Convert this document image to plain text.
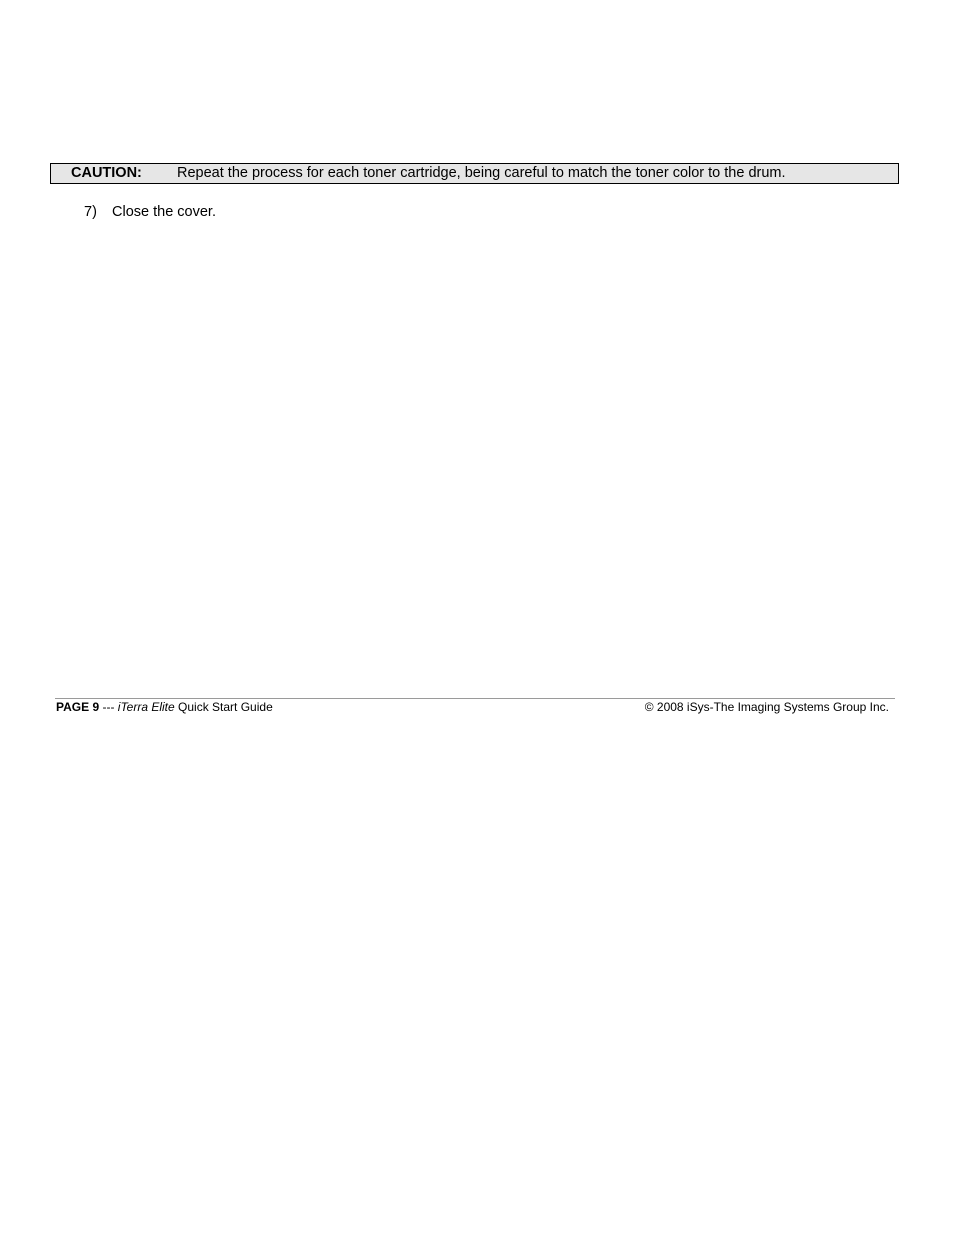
CAUTION: Repeat the process for each toner cartridge, being careful to match the toner color to the drum.
7) Close the cover.
PAGE 9 --- iTerra Elite Quick Start Guide	© 2008 iSys-The Imaging Systems Group Inc.
